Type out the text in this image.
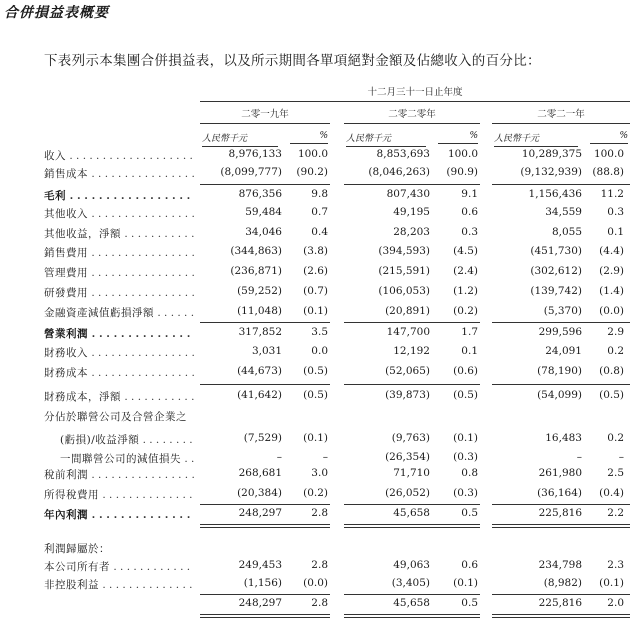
合併損益表概要
下表列示本集團合併損益表，以及所示期間各單項絕對金額及佔總收入的百分比：
十二月三十一日止年度
二零一九年	二零二零年	二零二一年
人民幣千元	% 人民幣千元	% 人民幣千元	%
收入 . . .	8,976,133 100.0	8,853,693	100.0	10,289,375 100.0
銷售成本 . . .	(8,099,777) (90.2)	(8,046,263)	(90.9)	(9,132,939) (88.8)
毛利 . . .	876,356	9.8	807,430	9.1	1,156,436	11.2
其他收入 . . .	59,484	0.7	49,195	0.6	34,559	0.3
其他收益，淨額 . . .	34,046	0.4	28,203	0.3	8,055	0.1
銷售費用 . . .	(344,863)	(3.8)	(394,593)	(4.5)	(451,730)	(4.4)
管理費用 . . .	(236,871)	(2.6)	(215,591)	(2.4)	(302,612)	(2.9)
研發費用 . . .	(59,252)	(0.7)	(106,053)	(1.2)	(139,742)	(1.4)
金融資產減值虧損淨額 . . .	(11,048)	(0.1)	(20,891)	(0.2)	(5,370)	(0.0)
營業利潤 . . .	317,852	3.5	147,700	1.7	299,596	2.9
財務收入 . . .	3,031	0.0	12,192	0.1	24,091	0.2
財務成本 . . .	(44,673)	(0.5)	(52,065)	(0.6)	(78,190)	(0.8)
財務成本，淨額 . . .	(41,642)	(0.5)	(39,873)	(0.5)	(54,099)	(0.5)
分佔於聯營公司及合營企業之
(虧損)/收益淨額 . . .	(7,529)	(0.1)	(9,763)	(0.1)	16,483	0.2
一間聯營公司的減值損失 . . .	–	–	(26,354)	(0.3)	–	–
稅前利潤 . . .	268,681	3.0	71,710	0.8	261,980	2.5
所得稅費用 . . .	(20,384)	(0.2)	(26,052)	(0.3)	(36,164)	(0.4)
年內利潤 . . .	248,297	2.8	45,658	0.5	225,816	2.2
利潤歸屬於：
本公司所有者 . . .	249,453	2.8	49,063	0.6	234,798	2.3
非控股利益 . . .	(1,156)	(0.0)	(3,405)	(0.1)	(8,982)	(0.1)
248,297	2.8	45,658	0.5	225,816	2.0
